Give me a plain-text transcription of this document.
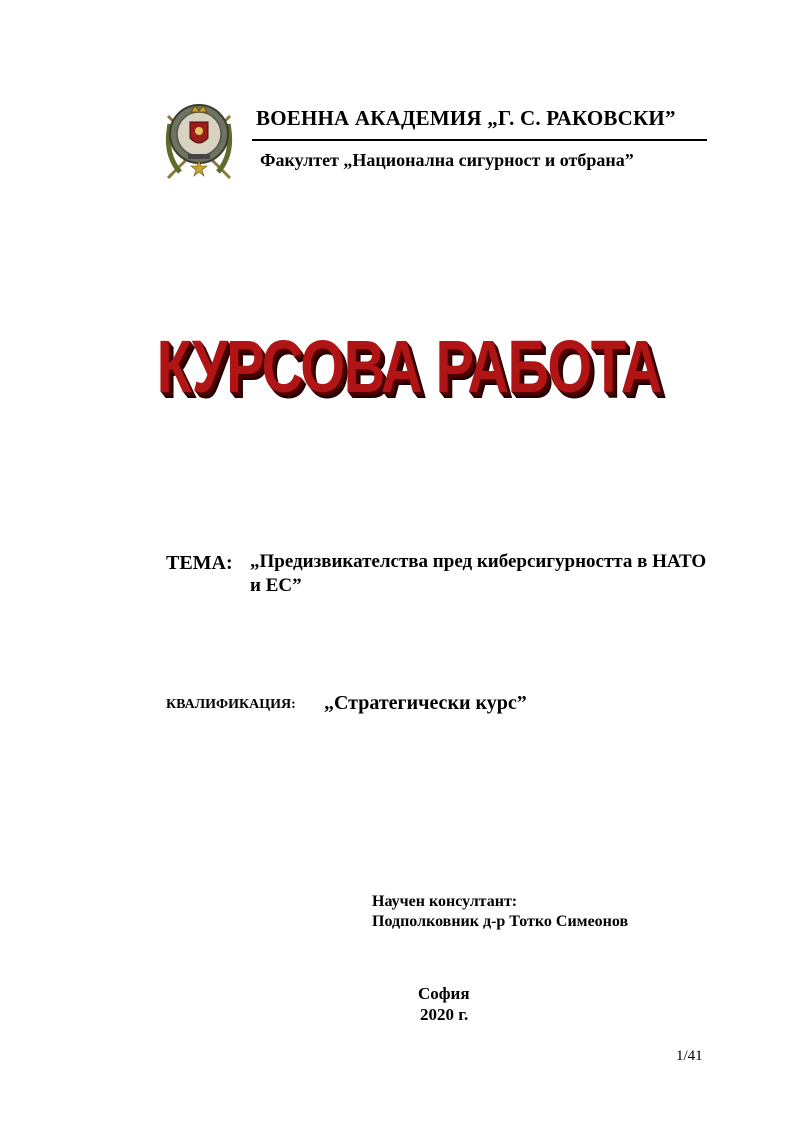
ВОЕННА АКАДЕМИЯ „Г. С. РАКОВСКИ”
Факултет „Национална сигурност и отбрана”
КУРСОВА РАБОТА
ТЕМА: „Предизвикателства пред киберсигурността в НАТО и ЕС”
КВАЛИФИКАЦИЯ: „Стратегически курс”
Научен консултант:
Подполковник д-р Тотко Симеонов
София
2020 г.
1/41
